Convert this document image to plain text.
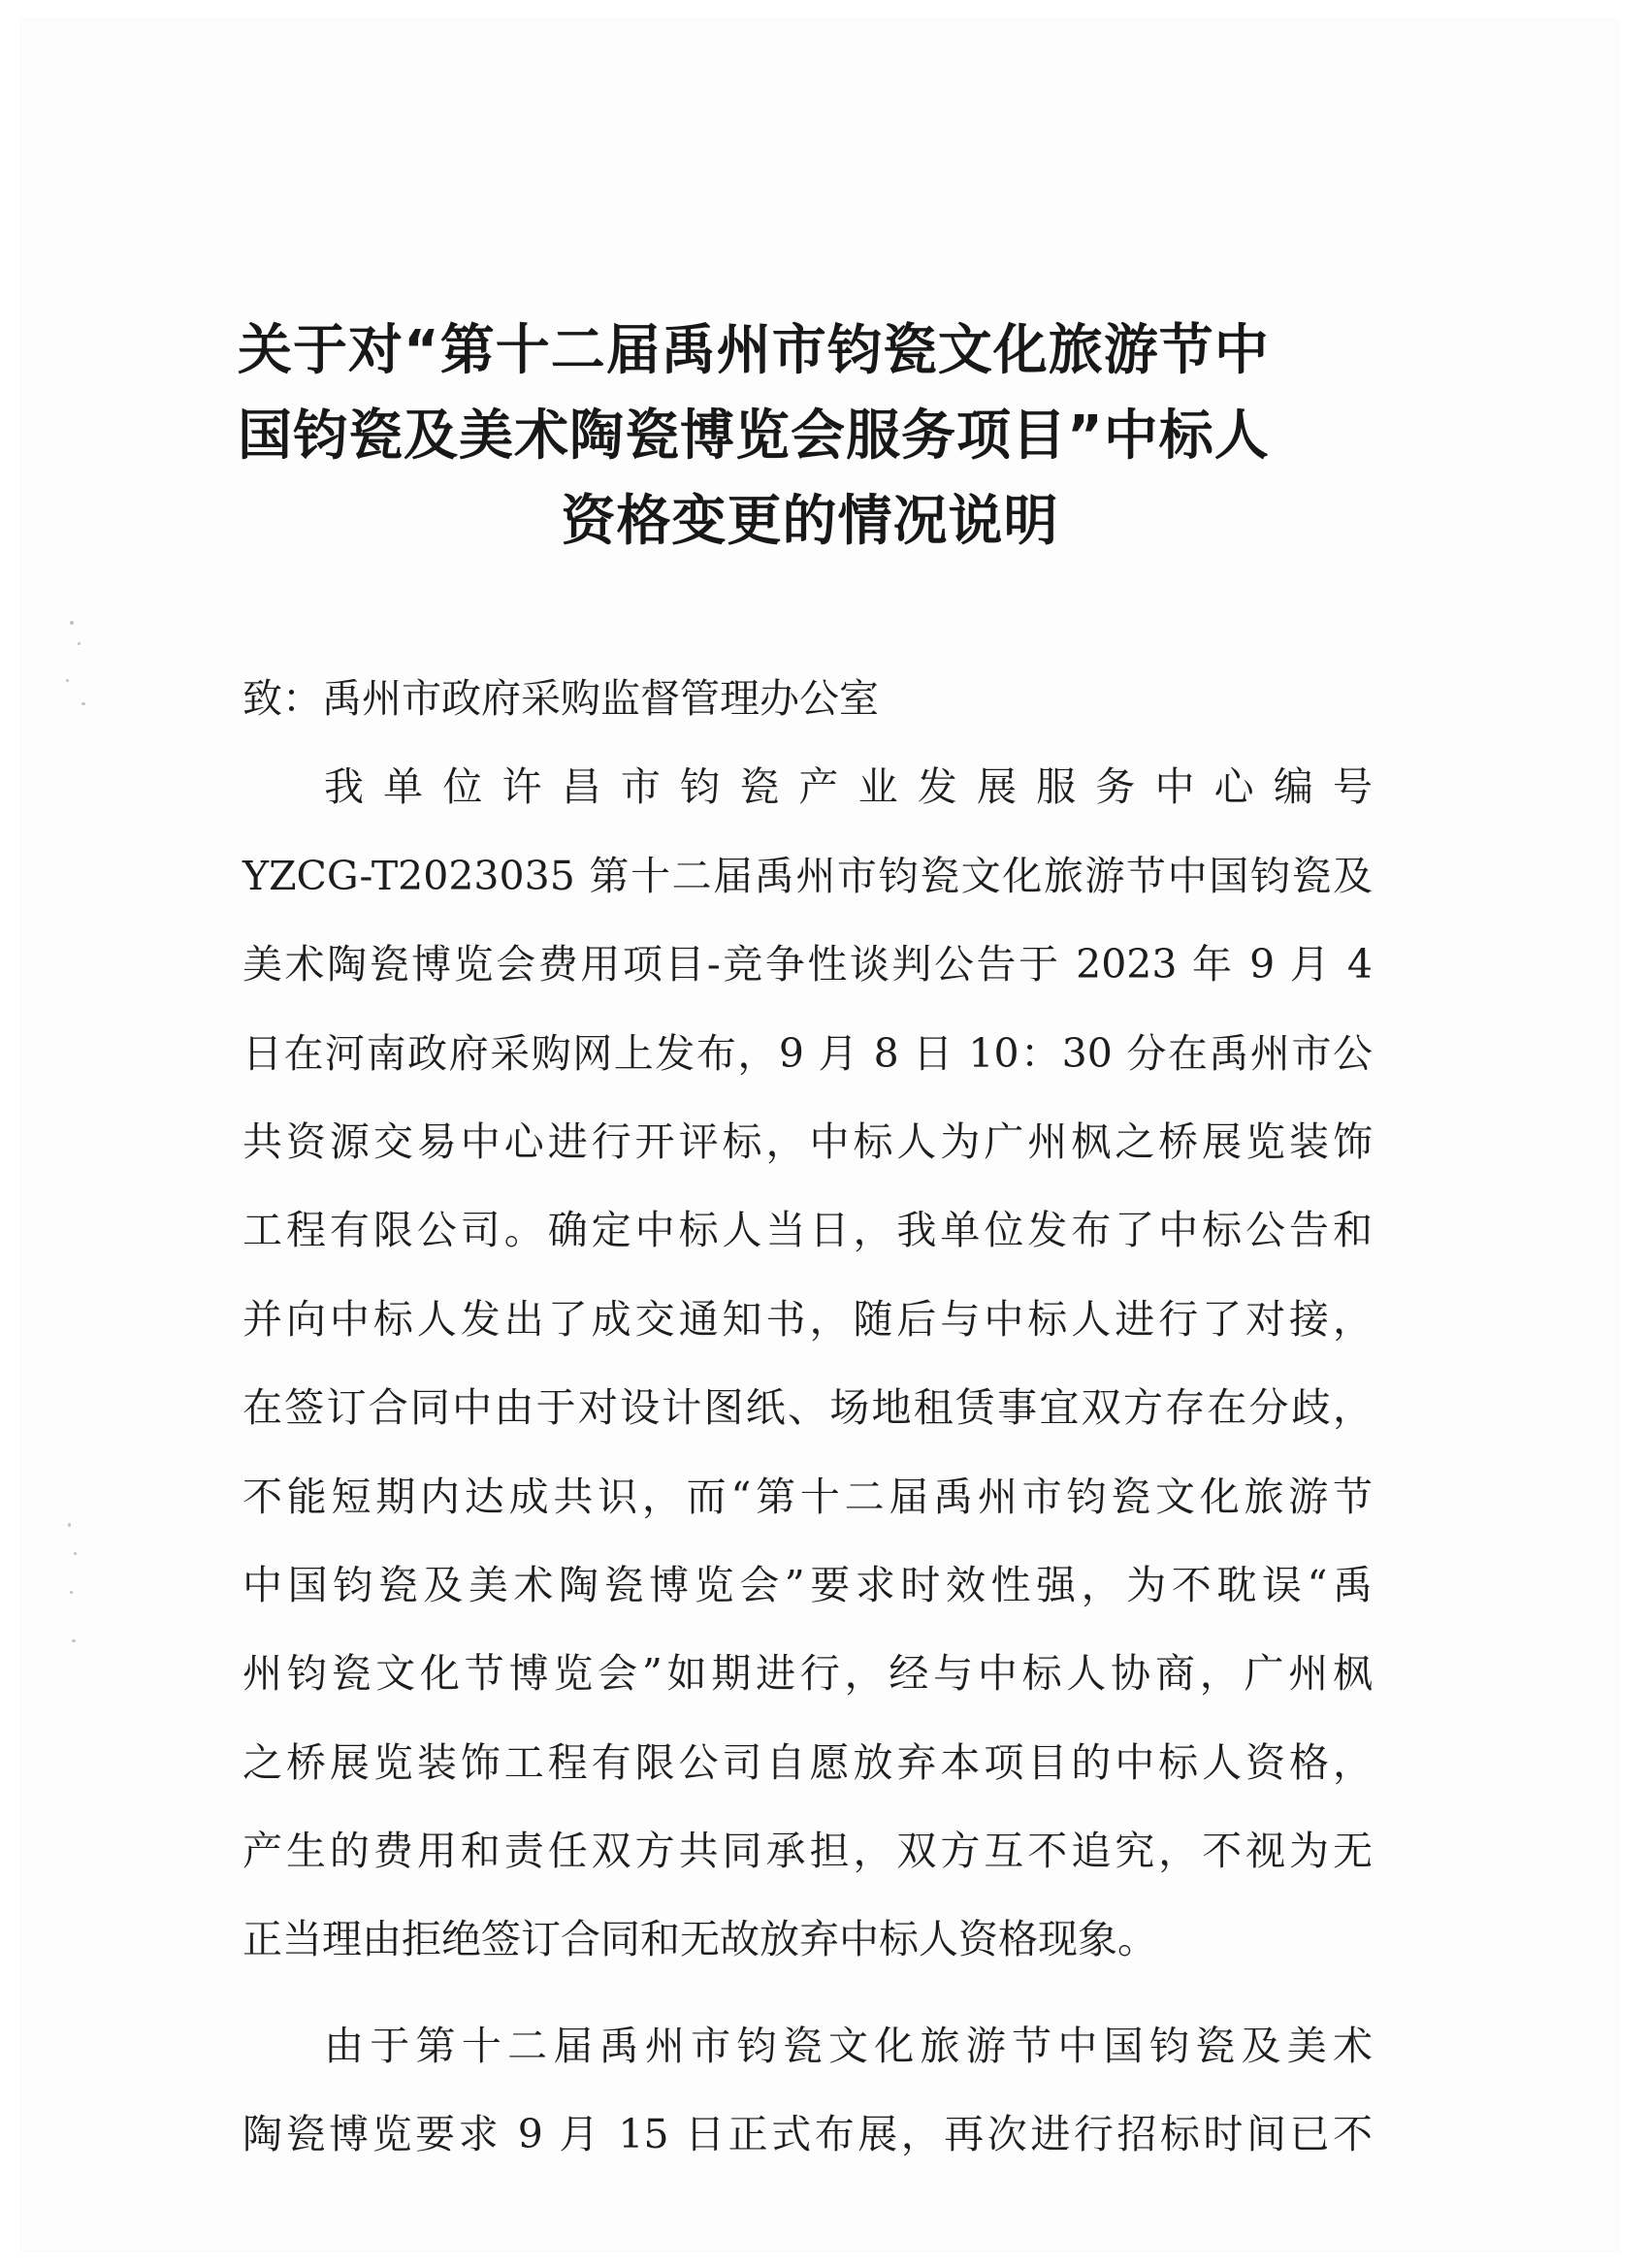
关于对“第十二届禹州市钧瓷文化旅游节中
国钧瓷及美术陶瓷博览会服务项目”中标人
资格变更的情况说明
致：禹州市政府采购监督管理办公室
我单位许昌市钧瓷产业发展服务中心编号
YZCG-T2023035 第十二届禹州市钧瓷文化旅游节中国钧瓷及
美术陶瓷博览会费用项目-竞争性谈判公告于 2023 年 9 月 4
日在河南政府采购网上发布，9 月 8 日 10：30 分在禹州市公
共资源交易中心进行开评标，中标人为广州枫之桥展览装饰
工程有限公司。确定中标人当日，我单位发布了中标公告和
并向中标人发出了成交通知书，随后与中标人进行了对接，
在签订合同中由于对设计图纸、场地租赁事宜双方存在分歧，
不能短期内达成共识，而“第十二届禹州市钧瓷文化旅游节
中国钧瓷及美术陶瓷博览会”要求时效性强，为不耽误“禹
州钧瓷文化节博览会”如期进行，经与中标人协商，广州枫
之桥展览装饰工程有限公司自愿放弃本项目的中标人资格，
产生的费用和责任双方共同承担，双方互不追究，不视为无
正当理由拒绝签订合同和无故放弃中标人资格现象。
由于第十二届禹州市钧瓷文化旅游节中国钧瓷及美术
陶瓷博览要求 9 月 15 日正式布展，再次进行招标时间已不
